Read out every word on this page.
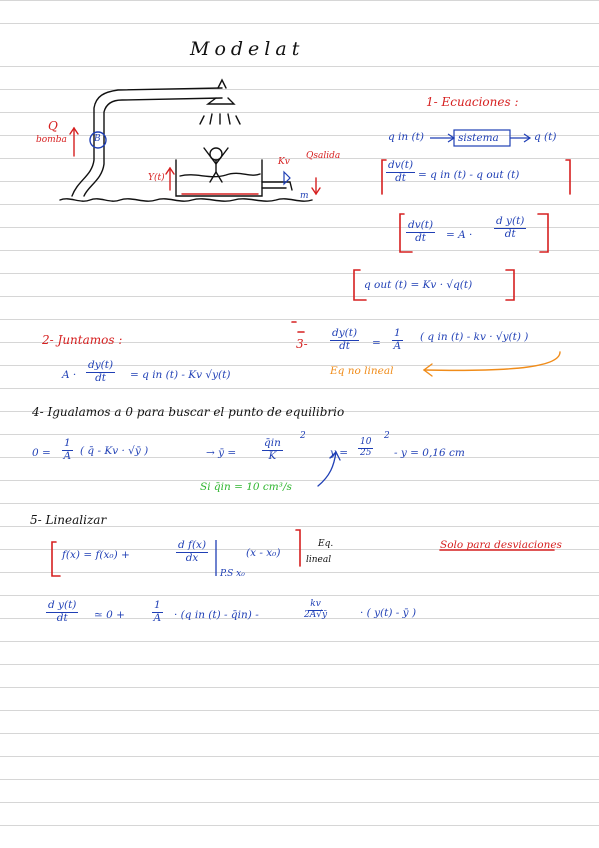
Modelat
Q
bomba	B
Y(t)
Kv
Qsalida
m
1- Ecuaciones :
q in (t)	sistema	q (t)
$\frac{dv(t)}{dt} = q$ in (t) - q out (t)
$\frac{dv(t)}{dt} = A \cdot \frac{\text{d y(t)}}{dt}$
q out (t) = Kv · √q(t)
2- Juntamos :
$A \cdot \frac{dy(t)}{dt} = q$ in (t) - Kv √y(t)
$3- \frac{dy(t)}{dt} = \frac{1}{A}$ ( q in (t) - kv · √y(t) )
Eq no lineal
4- Igualamos a 0 para buscar el punto de equilibrio
$0 = \frac{1}{A}$ ( q̄ - Kv · √ȳ )	→ ȳ = $\frac{q̄in}{K}$
2
$y = \frac{10}{25}$
2
- y = 0,16 cm
Si q̄in = 10 cm³/s
5- Linealizar
f(x) = f(x₀) +	$\frac{\text{d f(x)}}{dx}$
P.S x₀
(x - x₀)
Eq.
lineal
Solo para desviaciones
$\frac{\text{d y(t)}}{dt}$ ≃ 0 +	$\frac{1}{A} \cdot (q$ in (t) - q̄in) -	$\frac{kv}{2A√ȳ}$	· ( y(t) - ȳ )
